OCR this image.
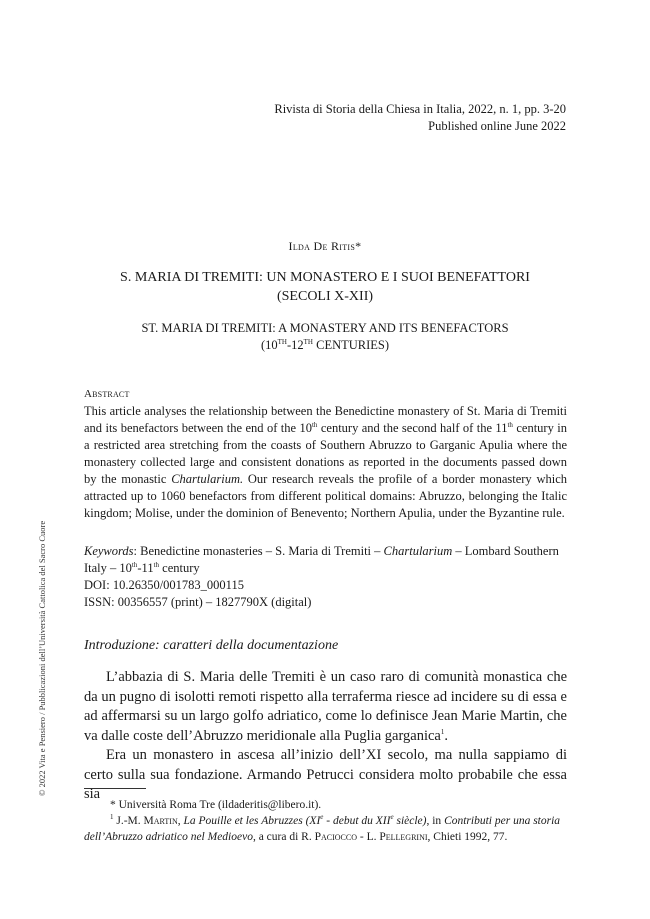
Rivista di Storia della Chiesa in Italia, 2022, n. 1, pp. 3-20
Published online June 2022
Ilda De Ritis*
S. MARIA DI TREMITI: UN MONASTERO E I SUOI BENEFATTORI
(SECOLI X-XII)
ST. MARIA DI TREMITI: A MONASTERY AND ITS BENEFACTORS
(10TH-12TH CENTURIES)
Abstract
This article analyses the relationship between the Benedictine monastery of St. Maria di Tremiti and its benefactors between the end of the 10th century and the second half of the 11th century in a restricted area stretching from the coasts of Southern Abruzzo to Garganic Apulia where the monastery collected large and consistent donations as reported in the documents passed down by the monastic Chartularium. Our research reveals the profile of a border monastery which attracted up to 1060 benefactors from different political domains: Abruzzo, belonging the Italic kingdom; Molise, under the dominion of Benevento; Northern Apulia, under the Byzantine rule.
Keywords: Benedictine monasteries – S. Maria di Tremiti – Chartularium – Lombard Southern Italy – 10th-11th century
DOI: 10.26350/001783_000115
ISSN: 00356557 (print) – 1827790X (digital)
Introduzione: caratteri della documentazione

L’abbazia di S. Maria delle Tremiti è un caso raro di comunità monastica che da un pugno di isolotti remoti rispetto alla terraferma riesce ad incidere su di essa e ad affermarsi su un largo golfo adriatico, come lo definisce Jean Marie Martin, che va dalle coste dell’Abruzzo meridionale alla Puglia garganica$^1$.

Era un monastero in ascesa all’inizio dell’XI secolo, ma nulla sappiamo di certo sulla sua fondazione. Armando Petrucci considera molto probabile che essa sia

* Università Roma Tre (ildaderitis@libero.it).

$^1$ J.-M. Martin, La Pouille et les Abruzzes (XIe - debut du XIIe siècle), in Contributi per una storia dell’Abruzzo adriatico nel Medioevo, a cura di R. Paciocco - L. Pellegrini, Chieti 1992, 77.

© 2022 Vita e Pensiero / Pubblicazioni dell’Università Cattolica del Sacro Cuore
